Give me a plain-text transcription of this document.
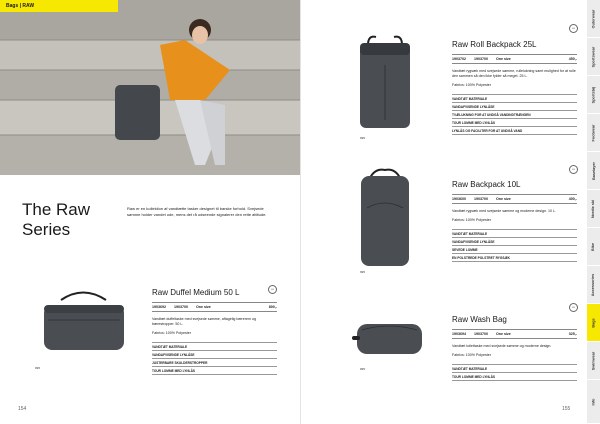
Bags | RAW
The Raw Series

Raw er en kollektion af vandtætte tasker designet til barske forhold. Svejsede sømme holder vandet ude, mens det rå udseende signalerer den rette attitude.

995
Raw Duffel Medium 50 L
1903692 1903700 One size	800,-
Vandtæt duffeltaske med svejsede sømme, aftagelig bærerem og bærestropper. 50 L.
Fabrics: 100% Polyester
VANDTÆT MATERIALE
VANDAFVISENDE LYNLÅSE
JUSTERBARE SKULDERSTROPPER
TOUR LOMME MED LYNLÅS
•••
154
995
Raw Roll Backpack 25L
1903702 1903700 One size	450,-
Vandtæt rygsæk med svejsede sømme, rullelukning samt mulighed for at rulle den sammen så den ikke fylder så meget. 25 L.
Fabrics: 100% Polyester
VANDTÆT MATERIALE
VANDAFVISENDE LYNLÅSE
TVÆLUKNING FOR AT UNDGÅ VANDINDTRÆNGEN
TOUR LOMME MED LYNLÅS
LYNLÅS OG FACILITER FOR AT UNDGÅ VAND
•••
995
Raw Backpack 10L
1903600 1903700 One size	400,-
Vandtæt rygsæk med svejsede sømme og moderne design. 10 L.
Fabrics: 100% Polyester
VANDTÆT MATERIALE
VANDAFVISENDE LYNLÅSE
SEVEDE LOMME
EN POLSTREDE POLSTRET RYGSÆK
•••
995
Raw Wash Bag
1903694 1903700 One size	325,-
Vandtæt toilettaske med svejsede sømme og moderne design.
Fabrics: 100% Polyester
VANDTÆT MATERIALE
TOUR LOMME MED LYNLÅS
•••
155
Outerwear
Sportswear
Sportstøj
Footwear
Baselayer
Nordic ski
Bike
Accessories
Bags
Swimwear
Info
